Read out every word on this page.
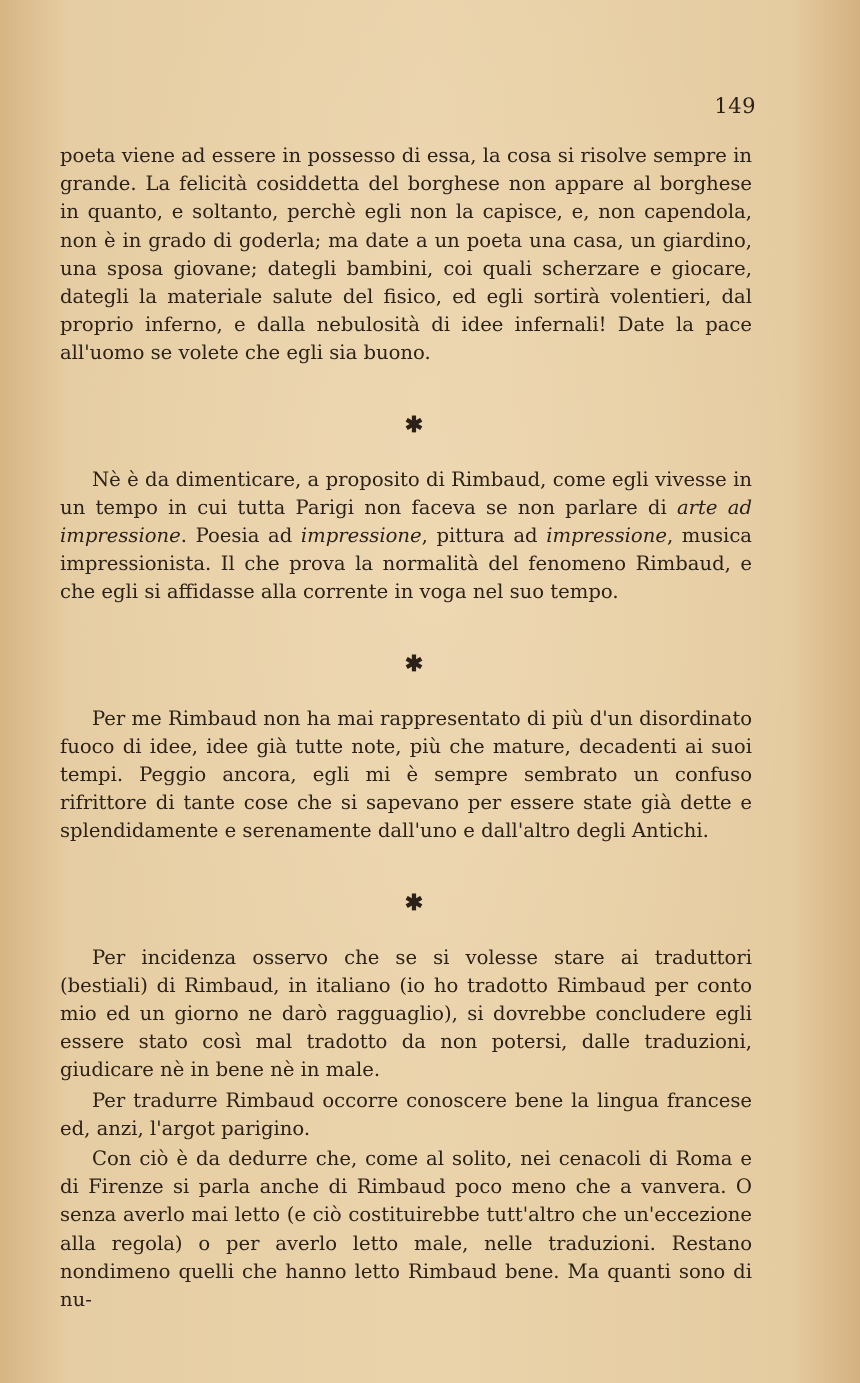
149

poeta viene ad essere in possesso di essa, la cosa si risolve sempre in grande. La felicità cosiddetta del borghese non appare al borghese in quanto, e soltanto, perchè egli non la capisce, e, non capendola, non è in grado di goderla; ma date a un poeta una casa, un giardino, una sposa giovane; dategli bambini, coi quali scherzare e giocare, dategli la materiale salute del fisico, ed egli sortirà volentieri, dal proprio inferno, e dalla nebulosità di idee infernali! Date la pace all'uomo se volete che egli sia buono.

✱

Nè è da dimenticare, a proposito di Rimbaud, come egli vivesse in un tempo in cui tutta Parigi non faceva se non parlare di arte ad impressione. Poesia ad impressione, pittura ad impressione, musica impressionista. Il che prova la normalità del fenomeno Rimbaud, e che egli si affidasse alla corrente in voga nel suo tempo.

✱

Per me Rimbaud non ha mai rappresentato di più d'un disordinato fuoco di idee, idee già tutte note, più che mature, decadenti ai suoi tempi. Peggio ancora, egli mi è sempre sembrato un confuso rifrittore di tante cose che si sapevano per essere state già dette e splendidamente e serenamente dall'uno e dall'altro degli Antichi.

✱

Per incidenza osservo che se si volesse stare ai traduttori (bestiali) di Rimbaud, in italiano (io ho tradotto Rimbaud per conto mio ed un giorno ne darò ragguaglio), si dovrebbe concludere egli essere stato così mal tradotto da non potersi, dalle traduzioni, giudicare nè in bene nè in male.

Per tradurre Rimbaud occorre conoscere bene la lingua francese ed, anzi, l'argot parigino.

Con ciò è da dedurre che, come al solito, nei cenacoli di Roma e di Firenze si parla anche di Rimbaud poco meno che a vanvera. O senza averlo mai letto (e ciò costituirebbe tutt'altro che un'eccezione alla regola) o per averlo letto male, nelle traduzioni. Restano nondimeno quelli che hanno letto Rimbaud bene. Ma quanti sono di nu-
